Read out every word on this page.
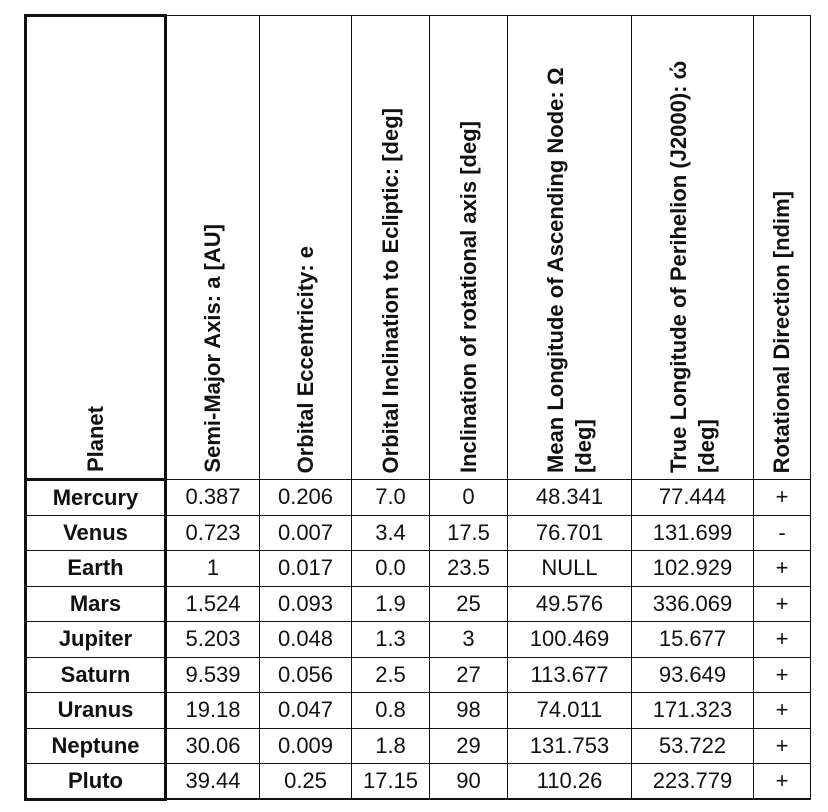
Planet	Semi-Major Axis: a [AU]	Orbital Eccentricity: e	Orbital Inclination to Ecliptic: [deg]	Inclination of rotational axis [deg]	Mean Longitude of Ascending Node: Ω [deg]	True Longitude of Perihelion (J2000): ώ [deg]	Rotational Direction [ndim]

Mercury	0.387	0.206	7.0	0	48.341	77.444	+
Venus	0.723	0.007	3.4	17.5	76.701	131.699	-
Earth	1	0.017	0.0	23.5	NULL	102.929	+
Mars	1.524	0.093	1.9	25	49.576	336.069	+
Jupiter	5.203	0.048	1.3	3	100.469	15.677	+
Saturn	9.539	0.056	2.5	27	113.677	93.649	+
Uranus	19.18	0.047	0.8	98	74.011	171.323	+
Neptune	30.06	0.009	1.8	29	131.753	53.722	+
Pluto	39.44	0.25	17.15	90	110.26	223.779	+
